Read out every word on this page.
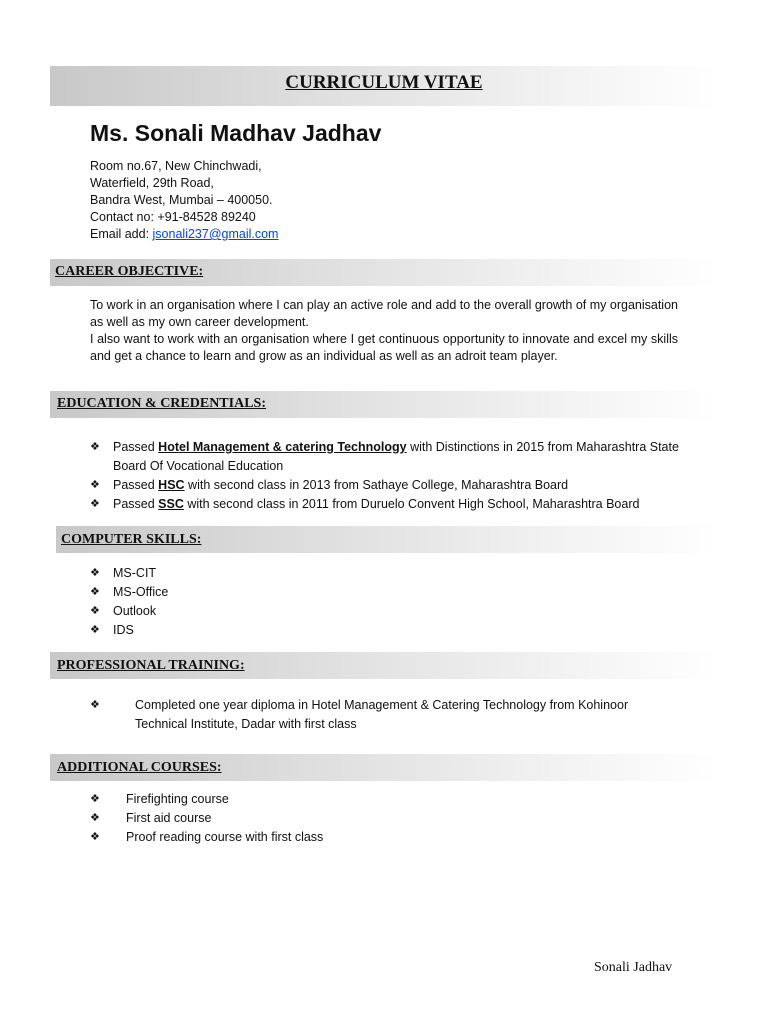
CURRICULUM VITAE
Ms. Sonali Madhav Jadhav
Room no.67, New Chinchwadi,
Waterfield, 29th Road,
Bandra West, Mumbai – 400050.
Contact no: +91-84528 89240
Email add: jsonali237@gmail.com
CAREER OBJECTIVE:
To work in an organisation where I can play an active role and add to the overall growth of my organisation as well as my own career development.
I also want to work with an organisation where I get continuous opportunity to innovate and excel my skills and get a chance to learn and grow as an individual as well as an adroit team player.
EDUCATION & CREDENTIALS:
❖ Passed Hotel Management & catering Technology with Distinctions in 2015 from Maharashtra State Board Of Vocational Education
❖ Passed HSC with second class in 2013 from Sathaye College, Maharashtra Board
❖ Passed SSC with second class in 2011 from Duruelo Convent High School, Maharashtra Board
COMPUTER SKILLS:
❖ MS-CIT
❖ MS-Office
❖ Outlook
❖ IDS
PROFESSIONAL TRAINING:
❖	Completed one year diploma in Hotel Management & Catering Technology from Kohinoor Technical Institute, Dadar with first class
ADDITIONAL COURSES:
❖ Firefighting course
❖ First aid course
❖ Proof reading course with first class
Sonali Jadhav
